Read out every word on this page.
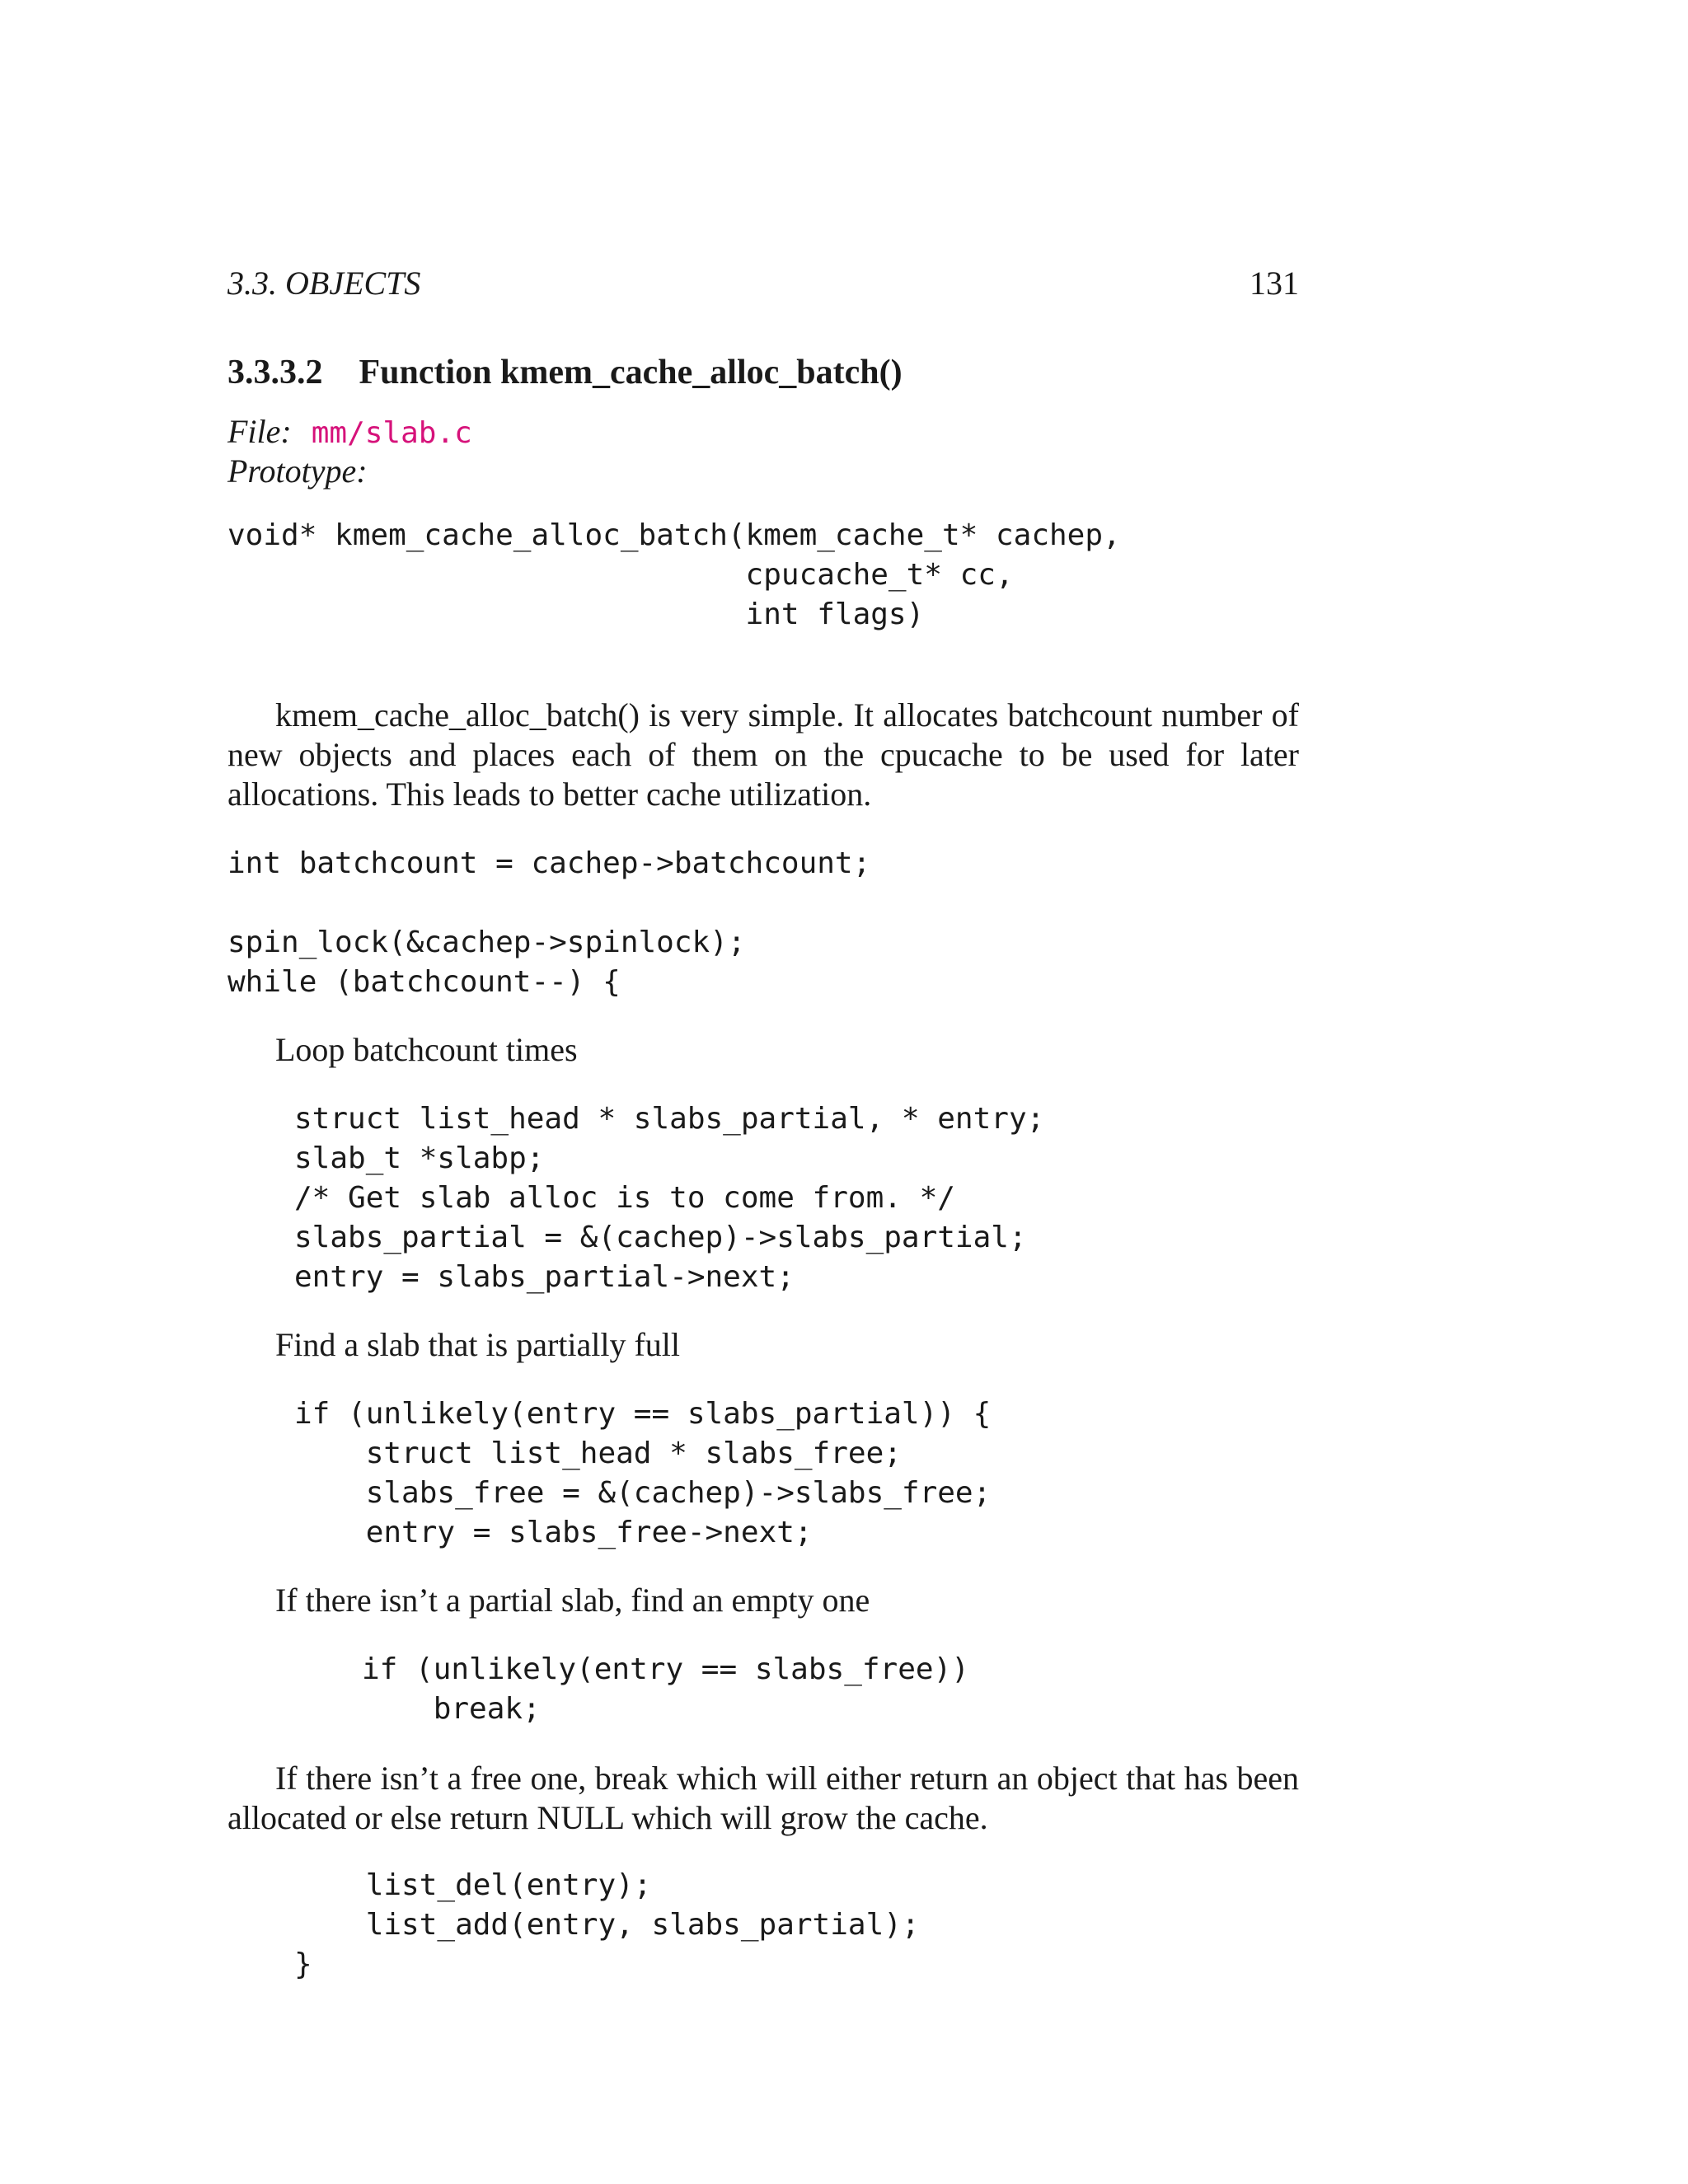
3.3. OBJECTS	131
3.3.3.2 Function kmem_cache_alloc_batch()
File: mm/slab.c
Prototype:
void* kmem_cache_alloc_batch(kmem_cache_t* cachep,
cpucache_t* cc,
int flags)

kmem_cache_alloc_batch() is very simple. It allocates batchcount number of new objects and places each of them on the cpucache to be used for later allocations. This leads to better cache utilization.

int batchcount = cachep->batchcount;

spin_lock(&cachep->spinlock);
while (batchcount--) {

Loop batchcount times

struct list_head * slabs_partial, * entry;
slab_t *slabp;
/* Get slab alloc is to come from. */
slabs_partial = &(cachep)->slabs_partial;
entry = slabs_partial->next;

Find a slab that is partially full

if (unlikely(entry == slabs_partial)) {
struct list_head * slabs_free;
slabs_free = &(cachep)->slabs_free;
entry = slabs_free->next;

If there isn’t a partial slab, find an empty one

if (unlikely(entry == slabs_free))
break;

If there isn’t a free one, break which will either return an object that has been allocated or else return NULL which will grow the cache.

list_del(entry);
list_add(entry, slabs_partial);
}
